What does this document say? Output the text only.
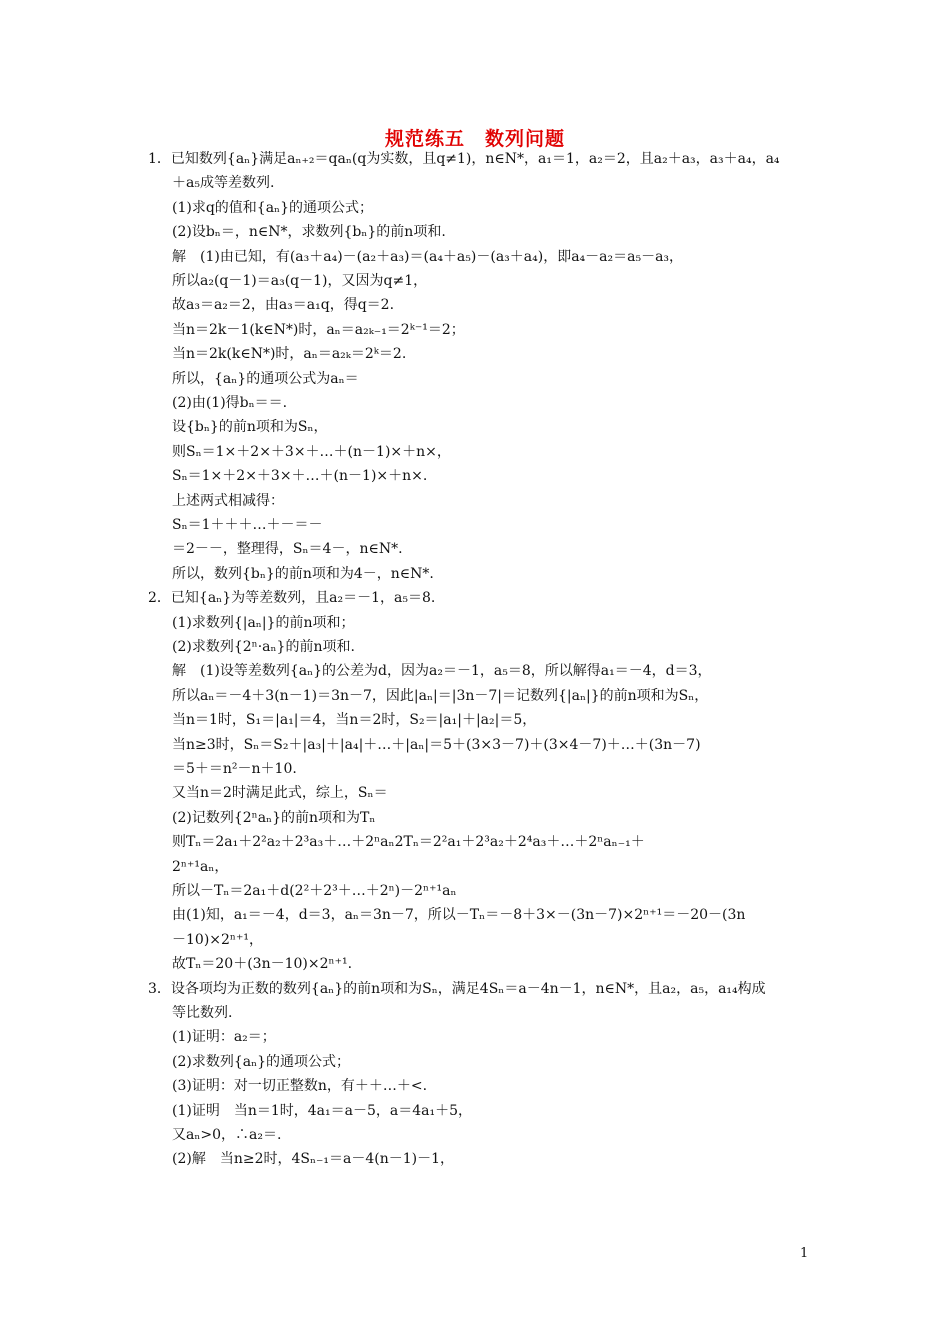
规范练五　数列问题
1．已知数列{aₙ}满足aₙ₊₂＝qaₙ(q为实数，且q≠1)，n∈N*，a₁＝1，a₂＝2，且a₂＋a₃，a₃＋a₄，a₄
＋a₅成等差数列.
(1)求q的值和{aₙ}的通项公式；
(2)设bₙ＝，n∈N*，求数列{bₙ}的前n项和.
解　(1)由已知，有(a₃＋a₄)－(a₂＋a₃)＝(a₄＋a₅)－(a₃＋a₄)，即a₄－a₂＝a₅－a₃，
所以a₂(q－1)＝a₃(q－1)，又因为q≠1，
故a₃＝a₂＝2，由a₃＝a₁q，得q＝2.
当n＝2k－1(k∈N*)时，aₙ＝a₂ₖ₋₁＝2ᵏ⁻¹＝2；
当n＝2k(k∈N*)时，aₙ＝a₂ₖ＝2ᵏ＝2.
所以，{aₙ}的通项公式为aₙ＝
(2)由(1)得bₙ＝＝.
设{bₙ}的前n项和为Sₙ，
则Sₙ＝1×＋2×＋3×＋…＋(n－1)×＋n×，
Sₙ＝1×＋2×＋3×＋…＋(n－1)×＋n×.
上述两式相减得：
Sₙ＝1＋＋＋…＋－＝－
＝2－－，整理得，Sₙ＝4－，n∈N*.
所以，数列{bₙ}的前n项和为4－，n∈N*.
2．已知{aₙ}为等差数列，且a₂＝－1，a₅＝8.
(1)求数列{|aₙ|}的前n项和；
(2)求数列{2ⁿ·aₙ}的前n项和.
解　(1)设等差数列{aₙ}的公差为d，因为a₂＝－1，a₅＝8，所以解得a₁＝－4，d＝3，
所以aₙ＝－4＋3(n－1)＝3n－7，因此|aₙ|＝|3n－7|＝记数列{|aₙ|}的前n项和为Sₙ，
当n＝1时，S₁＝|a₁|＝4，当n＝2时，S₂＝|a₁|＋|a₂|＝5，
当n≥3时，Sₙ＝S₂＋|a₃|＋|a₄|＋…＋|aₙ|＝5＋(3×3－7)＋(3×4－7)＋…＋(3n－7)
＝5＋＝n²－n＋10.
又当n＝2时满足此式，综上，Sₙ＝
(2)记数列{2ⁿaₙ}的前n项和为Tₙ
则Tₙ＝2a₁＋2²a₂＋2³a₃＋…＋2ⁿaₙ2Tₙ＝2²a₁＋2³a₂＋2⁴a₃＋…＋2ⁿaₙ₋₁＋
2ⁿ⁺¹aₙ，
所以－Tₙ＝2a₁＋d(2²＋2³＋…＋2ⁿ)－2ⁿ⁺¹aₙ
由(1)知，a₁＝－4，d＝3，aₙ＝3n－7，所以－Tₙ＝－8＋3×－(3n－7)×2ⁿ⁺¹＝－20－(3n
－10)×2ⁿ⁺¹，
故Tₙ＝20＋(3n－10)×2ⁿ⁺¹.
3．设各项均为正数的数列{aₙ}的前n项和为Sₙ，满足4Sₙ＝a－4n－1，n∈N*，且a₂，a₅，a₁₄构成
等比数列.
(1)证明：a₂＝；
(2)求数列{aₙ}的通项公式；
(3)证明：对一切正整数n，有＋＋…＋<.
(1)证明　当n＝1时，4a₁＝a－5，a＝4a₁＋5，
又aₙ>0，∴a₂＝.
(2)解　当n≥2时，4Sₙ₋₁＝a－4(n－1)－1，
1
